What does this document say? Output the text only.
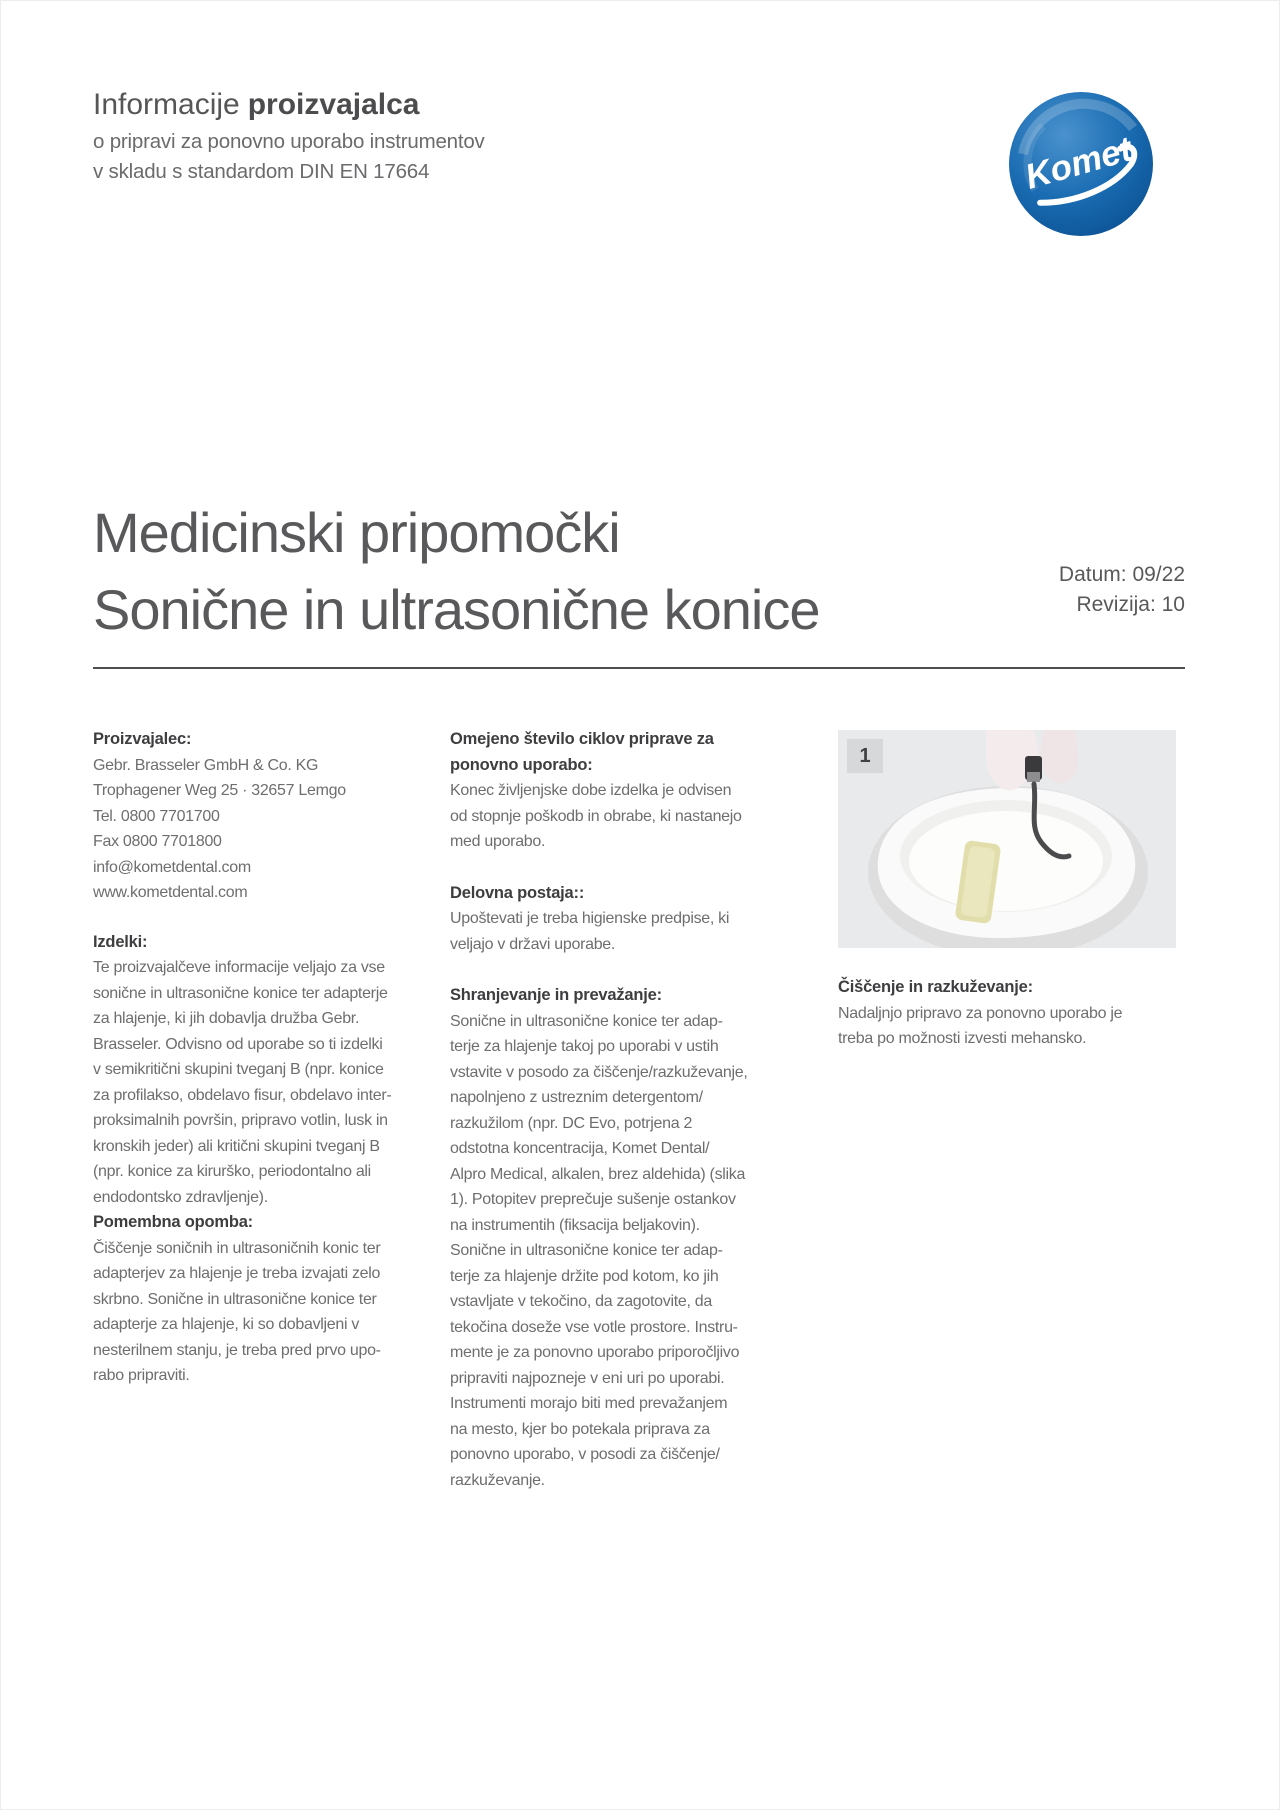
Informacije proizvajalca
o pripravi za ponovno uporabo instrumentov
v skladu s standardom DIN EN 17664	Komet
Medicinski pripomočki
Sonične in ultrasonične konice
Datum: 09/22
Revizija: 10
Proizvajalec:

Gebr. Brasseler GmbH & Co. KG
Trophagener Weg 25 · 32657 Lemgo
Tel. 0800 7701700
Fax 0800 7701800
info@kometdental.com
www.kometdental.com

Izdelki:

Te proizvajalčeve informacije veljajo za vse
sonične in ultrasonične konice ter adapterje
za hlajenje, ki jih dobavlja družba Gebr.
Brasseler. Odvisno od uporabe so ti izdelki
v semikritični skupini tveganj B (npr. konice
za profilakso, obdelavo fisur, obdelavo inter-
proksimalnih površin, pripravo votlin, lusk in
kronskih jeder) ali kritični skupini tveganj B
(npr. konice za kirurško, periodontalno ali
endodontsko zdravljenje).

Pomembna opomba:

Čiščenje soničnih in ultrasoničnih konic ter
adapterjev za hlajenje je treba izvajati zelo
skrbno. Sonične in ultrasonične konice ter
adapterje za hlajenje, ki so dobavljeni v
nesterilnem stanju, je treba pred prvo upo-
rabo pripraviti.

Omejeno število ciklov priprave za
ponovno uporabo:

Konec življenjske dobe izdelka je odvisen
od stopnje poškodb in obrabe, ki nastanejo
med uporabo.

Delovna postaja::

Upoštevati je treba higienske predpise, ki
veljajo v državi uporabe.

Shranjevanje in prevažanje:

Sonične in ultrasonične konice ter adap-
terje za hlajenje takoj po uporabi v ustih
vstavite v posodo za čiščenje/razkuževanje,
napolnjeno z ustreznim detergentom/
razkužilom (npr. DC Evo, potrjena 2
odstotna koncentracija, Komet Dental/
Alpro Medical, alkalen, brez aldehida) (slika
1). Potopitev preprečuje sušenje ostankov
na instrumentih (fiksacija beljakovin).
Sonične in ultrasonične konice ter adap-
terje za hlajenje držite pod kotom, ko jih
vstavljate v tekočino, da zagotovite, da
tekočina doseže vse votle prostore. Instru-
mente je za ponovno uporabo priporočljivo
pripraviti najpozneje v eni uri po uporabi.
Instrumenti morajo biti med prevažanjem
na mesto, kjer bo potekala priprava za
ponovno uporabo, v posodi za čiščenje/
razkuževanje.

1
Čiščenje in razkuževanje:

Nadaljnjo pripravo za ponovno uporabo je
treba po možnosti izvesti mehansko.
